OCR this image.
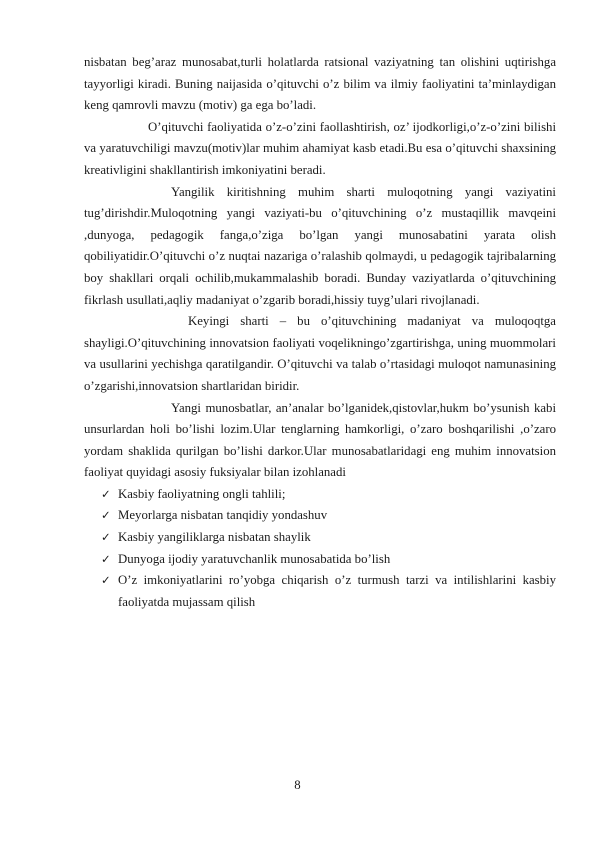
nisbatan beg’araz munosabat,turli holatlarda ratsional vaziyatning tan olishini uqtirishga tayyorligi kiradi. Buning naijasida o’qituvchi o’z bilim va ilmiy faoliyatini ta’minlaydigan keng qamrovli mavzu (motiv) ga ega bo’ladi.

O’qituvchi faoliyatida o’z-o’zini faollashtirish, oz’ ijodkorligi,o’z-o’zini bilishi va yaratuvchiligi mavzu(motiv)lar muhim ahamiyat kasb etadi.Bu esa o’qituvchi shaxsining kreativligini shakllantirish imkoniyatini beradi.

Yangilik kiritishning muhim sharti muloqotning yangi vaziyatini tug’dirishdir.Muloqotning yangi vaziyati-bu o’qituvchining o’z mustaqillik mavqeini ,dunyoga, pedagogik fanga,o’ziga bo’lgan yangi munosabatini yarata olish qobiliyatidir.O’qituvchi o’z nuqtai nazariga o’ralashib qolmaydi, u pedagogik tajribalarning boy shakllari orqali ochilib,mukammalashib boradi. Bunday vaziyatlarda o’qituvchining fikrlash usullati,aqliy madaniyat o’zgarib boradi,hissiy tuyg’ulari rivojlanadi.

Keyingi sharti – bu o’qituvchining madaniyat va muloqoqtga shayligi.O’qituvchining innovatsion faoliyati voqelikningo’zgartirishga, uning muommolari va usullarini yechishga qaratilgandir. O’qituvchi va talab o’rtasidagi muloqot namunasining o’zgarishi,innovatsion shartlaridan biridir.

Yangi munosbatlar, an’analar bo’lganidek,qistovlar,hukm bo’ysunish kabi unsurlardan holi bo’lishi lozim.Ular tenglarning hamkorligi, o’zaro boshqarilishi ,o’zaro yordam shaklida qurilgan bo’lishi darkor.Ular munosabatlaridagi eng muhim innovatsion faoliyat quyidagi asosiy fuksiyalar bilan izohlanadi

✓ Kasbiy faoliyatning ongli tahlili;
✓ Meyorlarga nisbatan tanqidiy yondashuv
✓ Kasbiy yangiliklarga nisbatan shaylik
✓ Dunyoga ijodiy yaratuvchanlik munosabatida bo’lish
✓ O’z imkoniyatlarini ro’yobga chiqarish o’z turmush tarzi va intilishlarini kasbiy faoliyatda mujassam qilish
8
